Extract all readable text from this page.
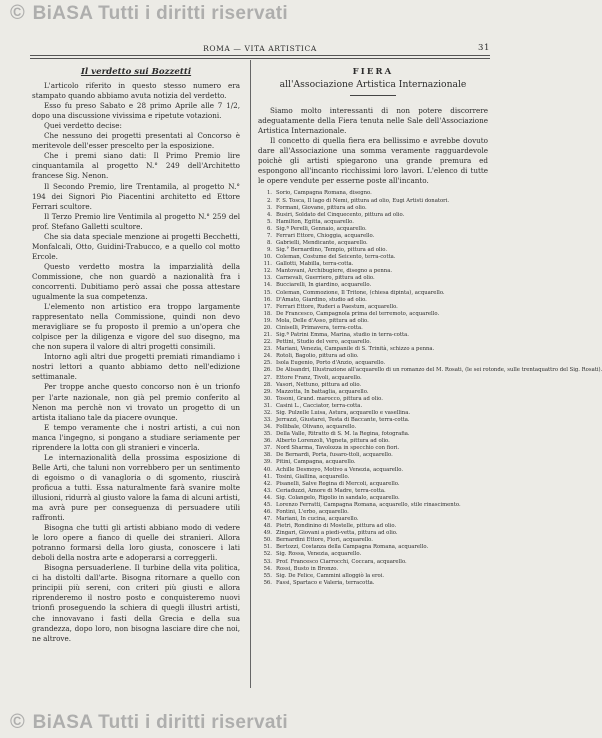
© BiASA Tutti i diritti riservati
ROMA — VITA ARTISTICA	31
Il verdetto sui Bozzetti

L'articolo riferito in questo stesso numero era stampato quando abbiamo avuta notizia del verdetto.

Esso fu preso Sabato e 28 primo Aprile alle 7 1/2, dopo una discussione vivissima e ripetute votazioni.

Quei verdetto decise:

Che nessuno dei progetti presentati al Concorso è meritevole dell'esser prescelto per la esposizione.

Che i premi siano dati: Il Primo Premio lire cinquantamila al progetto N.° 249 dell'Architetto francese Sig. Nenon.

Il Secondo Premio, lire Trentamila, al progetto N.° 194 dei Signori Pio Piacentini architetto ed Ettore Ferrari scultore.

Il Terzo Premio lire Ventimila al progetto N.° 259 del prof. Stefano Galletti scultore.

Che sia data speciale menzione ai progetti Becchetti, Monfalcali, Otto, Guidini-Trabucco, e a quello col motto Ercole.

Questo verdetto mostra la imparzialità della Commissione, che non guardò a nazionalità fra i concorrenti. Dubitiamo però assai che possa attestare ugualmente la sua competenza.

L'elemento non artistico era troppo largamente rappresentato nella Commissione, quindi non devo meravigliare se fu proposto il premio a un'opera che colpisce per la diligenza e vigore del suo disegno, ma che non supera il valore di altri progetti consimili.

Intorno agli altri due progetti premiati rimandiamo i nostri lettori a quanto abbiamo detto nell'edizione settimanale.

Per troppe anche questo concorso non è un trionfo per l'arte nazionale, non già pel premio conferito al Nenon ma perchè non vi trovato un progetto di un artista italiano tale da piacere ovunque.

E tempo veramente che i nostri artisti, a cui non manca l'ingegno, si pongano a studiare seriamente per riprendere la lotta con gli stranieri e vincerla.

Le internazionalità della prossima esposizione di Belle Arti, che taluni non vorrebbero per un sentimento di egoismo o di vanagloria o di sgomento, riuscirà proficua a tutti. Essa naturalmente farà svanire molte illusioni, ridurrà al giusto valore la fama di alcuni artisti, ma avrà pure per conseguenza di persuadere utili raffronti.

Bisogna che tutti gli artisti abbiano modo di vedere le loro opere a fianco di quelle dei stranieri. Allora potranno formarsi della loro giusta, conoscere i lati deboli della nostra arte e adoperarsi a correggerli.

Bisogna persuaderlene. Il turbine della vita politica, ci ha distolti dall'arte. Bisogna ritornare a quello con principii più sereni, con criteri più giusti e allora riprenderemo il nostro posto e conquisteremo nuovi trionfi proseguendo la schiera di quegli illustri artisti, che innovavano i fasti della Grecia e della sua grandezza, dopo loro, non bisogna lasciare dire che noi, ne altrove.

FIERA
all'Associazione Artistica Internazionale

Siamo molto interessanti di non potere discorrere adeguatamente della Fiera tenuta nelle Sale dell'Associazione Artistica Internazionale.

Il concetto di quella fiera era bellissimo e avrebbe dovuto dare all'Associazione una somma veramente ragguardevole poichè gli artisti spiegarono una grande premura ed espongono all'incanto ricchissimi loro lavori. L'elenco di tutte le opere vendute per esserne poste all'incanto.

1. Sorio, Campagna Romana, disegno.
2. F. S. Tosca, Il lago di Nemi, pittura ad olio, Eugi Artisti donatori.
3. Formani, Giovane, pittura ad olio.
4. Busiri, Soldato del Cinquecento, pittura ad olio.
5. Hamilton, Egitta, acquarello.
6. Sig.ª Perelli, Gennaio, acquarello.
7. Ferrari Ettore, Chioggia, acquarello.
8. Gabrielli, Mendicante, acquarello.
9. Sig.° Bernardino, Tempio, pittura ad olio.
10. Coleman, Costume del Seicento, terra-cotta.
11. Gallotti, Mabilla, terra-cotta.
12. Mantovani, Archibugiere, disegno a penna.
13. Carnevali, Guerriero, pittura ad olio.
14. Bucciarelli, In giardino, acquarello.
15. Coleman, Commozione, Il Tritone, (chiesa dipinta), acquarello.
16. D'Amato, Giardino, studio ad olio.
17. Ferrari Ettore, Ruderi a Paestum, acquarello.
18. De Francesco, Campagnola prima del terremoto, acquarello.
19. Mola, Delle d'Asso, pittura ad olio.
20. Ciniselli, Primavera, terra-cotta.
21. Sig.ª Patrini Emma, Marina, studio in terra-cotta.
22. Pettini, Studio del vero, acquarello.
23. Mariani, Venezia, Campanile di S. Trinità, schizzo a penna.
24. Rotoli, Bagolio, pittura ad olio.
25. Isola Eugenio, Porto d'Anzio, acquarello.
26. De Alisandri, Illustrazione all'acquarello di un romanzo del M. Rosati, (le sei rotonde, sulle trentaquattro del Sig. Rosati).
27. Ettore Franz, Tivoli, acquarello.
28. Vasori, Nettuno, pittura ad olio.
29. Mazzotta, In battaglia, acquarello.
30. Tosoni, Grand. marocco, pittura ad olio.
31. Casini L., Cacciator, terra-cotta.
32. Sig. Pulzelle Luisa, Astura, acquarello e vasellina.
33. Jerrazzi, Giustarei, Testa di Baccante, terra-cotta.
34. Follibale, Olivano, acquarello.
35. Della Valle, Ritratto di S. M. la Regina, fotografia.
36. Alberto Lorenzoli, Vigneta, pittura ad olio.
37. Nord Sharma, Tavolozza in specchio con fiori.
38. De Bernardi, Porta, fusaro-ttoli, acquarello.
39. Pitini, Campagna, acquarello.
40. Achille Desmoyo, Motivo a Venezia, acquarello.
41. Tosini, Giallina, acquarello.
42. Pisanelli, Salve Regina di Mercoli, acquarello.
43. Ceriaduzzi, Amore di Madre, terra-cotta.
44. Sig. Colangelo, Rigolio in sandalo, acquarello.
45. Lorenzo Ferratti, Campagna Romana, acquarello, stile rinascimento.
46. Fontini, L'erbo, acquarello.
47. Mariani, In cucina, acquarello.
48. Pietri, Rondinino di Mostelle, pittura ad olio.
49. Zingari, Giovani a piedi-vetta, pittura ad olio.
50. Bernardini Ettore, Fiori, acquarello.
51. Bertozzi, Costanza della Campagna Romana, acquarello.
52. Sig. Rossa, Venezia, acquarello.
53. Prof. Francesco Ciarrocchi, Coccara, acquarello.
54. Rossi, Busto in Bronzo.
55. Sig. De Felice, Cammini alloggiò la eroi.
56. Fassi, Spartaco e Valeria, terracotta.
© BiASA Tutti i diritti riservati
